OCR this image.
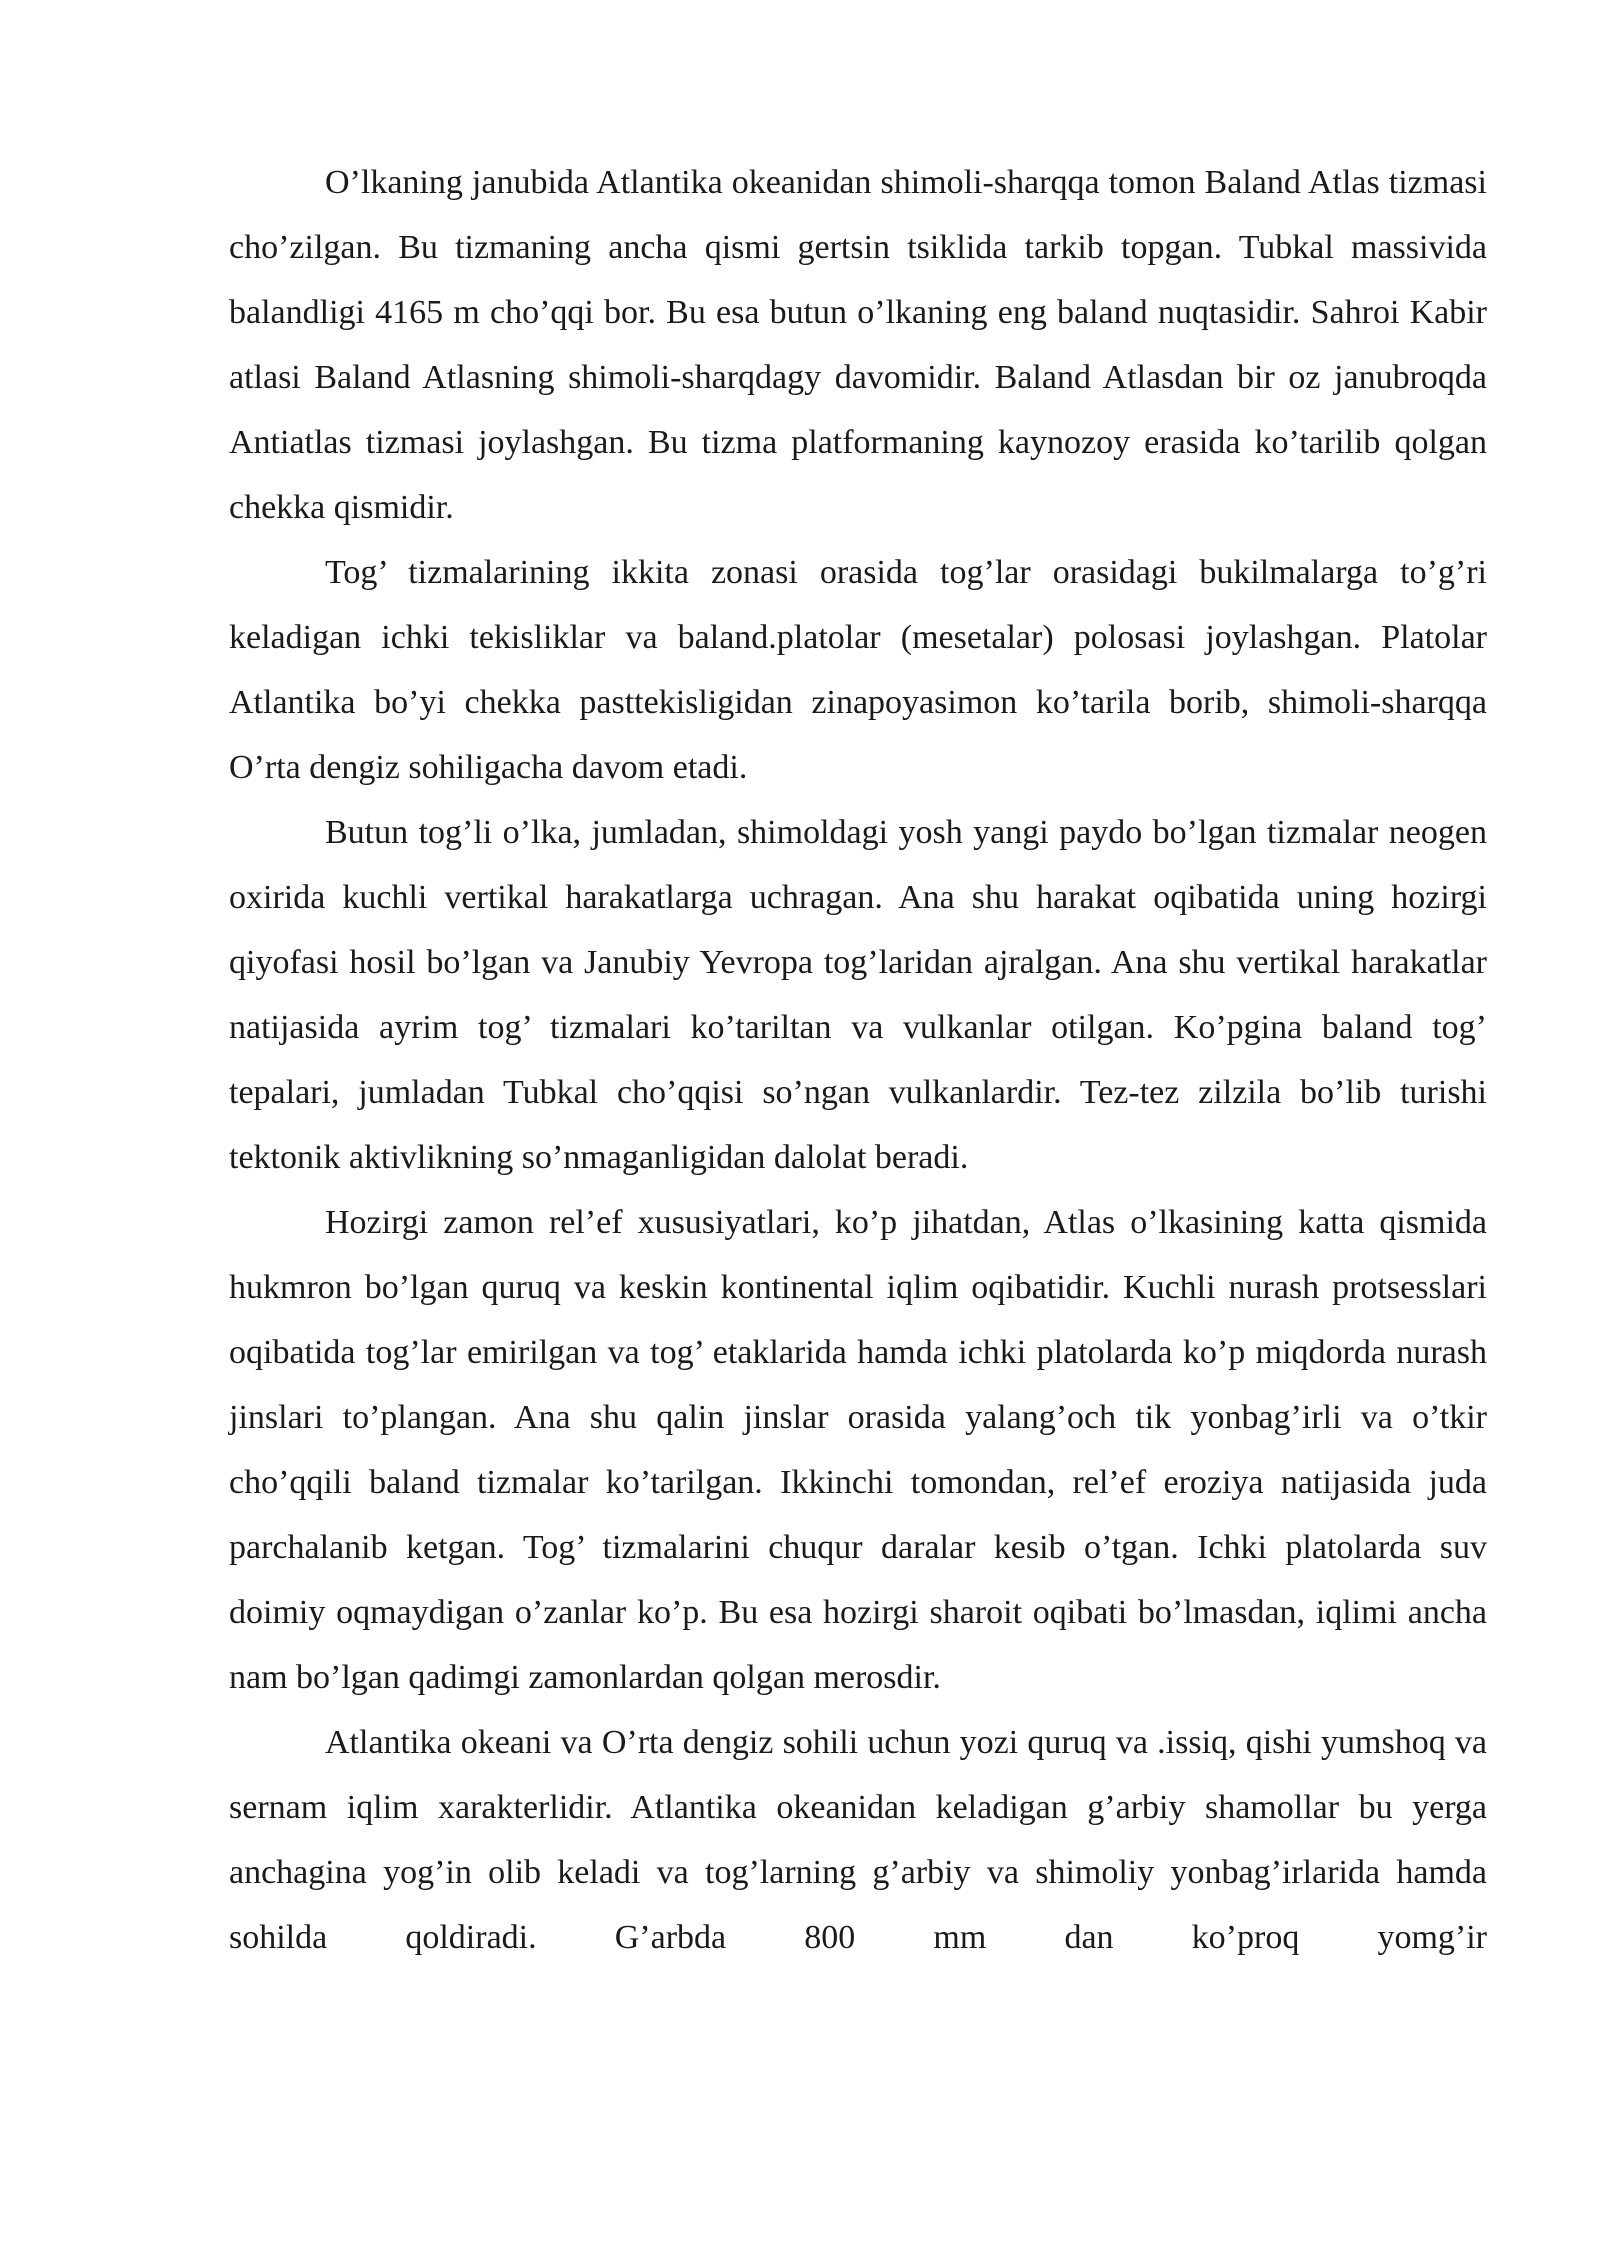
O’lkaning janubida Atlantika okeanidan shimoli-sharqqa tomon Baland Atlas tizmasi cho’zilgan. Bu tizmaning ancha qismi gertsin tsiklida tarkib topgan. Tubkal massivida balandligi 4165 m cho’qqi bor. Bu esa butun o’lkaning eng baland nuqtasidir. Sahroi Kabir atlasi Baland Atlasning shimoli-sharqdagy davomidir. Baland Atlasdan bir oz janubroqda Antiatlas tizmasi joylashgan. Bu tizma platformaning kaynozoy erasida ko’tarilib qolgan chekka qismidir.

Tog’ tizmalarining ikkita zonasi orasida tog’lar orasidagi bukilmalarga to’g’ri keladigan ichki tekisliklar va baland.platolar (mesetalar) polosasi joylashgan. Platolar Atlantika bo’yi chekka pasttekisligidan zinapoyasimon ko’tarila borib, shimoli-sharqqa O’rta dengiz sohiligacha davom etadi.

Butun tog’li o’lka, jumladan, shimoldagi yosh yangi paydo bo’lgan tizmalar neogen oxirida kuchli vertikal harakatlarga uchragan. Ana shu harakat oqibatida uning hozirgi qiyofasi hosil bo’lgan va Janubiy Yevropa tog’laridan ajralgan. Ana shu vertikal harakatlar natijasida ayrim tog’ tizmalari ko’tariltan va vulkanlar otilgan. Ko’pgina baland tog’ tepalari, jumladan Tubkal cho’qqisi so’ngan vulkanlardir. Tez-tez zilzila bo’lib turishi tektonik aktivlikning so’nmaganligidan dalolat beradi.

Hozirgi zamon rel’ef xususiyatlari, ko’p jihatdan, Atlas o’lkasining katta qismida hukmron bo’lgan quruq va keskin kontinental iqlim oqibatidir. Kuchli nurash protsesslari oqibatida tog’lar emirilgan va tog’ etaklarida hamda ichki platolarda ko’p miqdorda nurash jinslari to’plangan. Ana shu qalin jinslar orasida yalang’och tik yonbag’irli va o’tkir cho’qqili baland tizmalar ko’tarilgan. Ikkinchi tomondan, rel’ef eroziya natijasida juda parchalanib ketgan. Tog’ tizmalarini chuqur daralar kesib o’tgan. Ichki platolarda suv doimiy oqmaydigan o’zanlar ko’p. Bu esa hozirgi sharoit oqibati bo’lmasdan, iqlimi ancha nam bo’lgan qadimgi zamonlardan qolgan merosdir.

Atlantika okeani va O’rta dengiz sohili uchun yozi quruq va .issiq, qishi yumshoq va sernam iqlim xarakterlidir. Atlantika okeanidan keladigan g’arbiy shamollar bu yerga anchagina yog’in olib keladi va tog’larning g’arbiy va shimoliy yonbag’irlarida hamda sohilda qoldiradi. G’arbda 800 mm dan ko’proq yomg’ir
